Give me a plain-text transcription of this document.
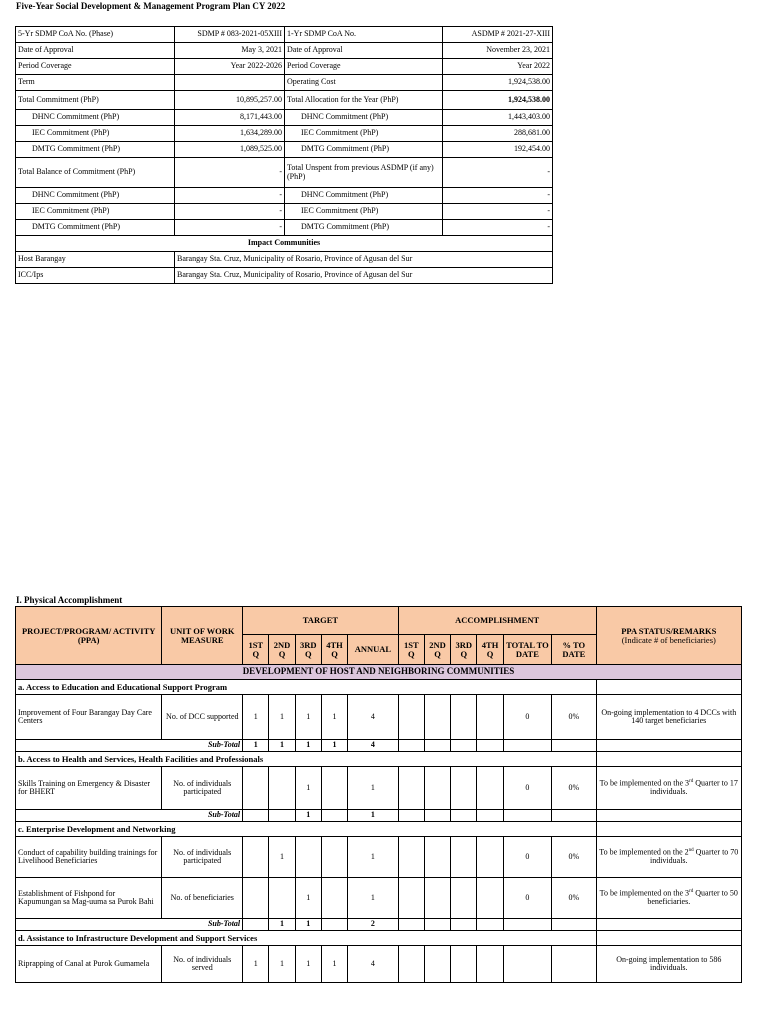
Five-Year Social Development & Management Program Plan CY 2022
5-Yr SDMP CoA No. (Phase)	SDMP # 083-2021-05XIII	1-Yr SDMP CoA No.	ASDMP # 2021-27-XIII
Date of Approval	May 3, 2021	Date of Approval	November 23, 2021
Period Coverage	Year 2022-2026	Period Coverage	Year 2022
Term		Operating Cost	1,924,538.00
Total Commitment (PhP)	10,895,257.00	Total Allocation for the Year (PhP)	1,924,538.00
DHNC Commitment (PhP)	8,171,443.00	DHNC Commitment (PhP)	1,443,403.00
IEC Commitment (PhP)	1,634,289.00	IEC Commitment (PhP)	288,681.00
DMTG Commitment (PhP)	1,089,525.00	DMTG Commitment (PhP)	192,454.00
Total Balance of Commitment (PhP)	-	Total Unspent from previous ASDMP (if any) (PhP)	-
DHNC Commitment (PhP)	-	DHNC Commitment (PhP)	-
IEC Commitment (PhP)	-	IEC Commitment (PhP)	-
DMTG Commitment (PhP)	-	DMTG Commitment (PhP)	-
Impact Communities			
Host Barangay	Barangay Sta. Cruz, Municipality of Rosario, Province of Agusan del Sur		
ICC/Ips	Barangay Sta. Cruz, Municipality of Rosario, Province of Agusan del Sur		
I. Physical Accomplishment
PROJECT/PROGRAM/ ACTIVITY (PPA)	UNIT OF WORK MEASURE	TARGET					ACCOMPLISHMENT						PPA STATUS/REMARKS
(Indicate # of beneficiaries)
		1ST Q	2ND Q	3RD Q	4TH Q	ANNUAL	1ST Q	2ND Q	3RD Q	4TH Q	TOTAL TO DATE	% TO DATE	
DEVELOPMENT OF HOST AND NEIGHBORING COMMUNITIES													
a. Access to Education and Educational Support Program													
Improvement of Four Barangay Day Care Centers	No. of DCC supported	1	1	1	1	4					0	0%	On-going implementation to 4 DCCs with 140 target beneficiaries
Sub-Total		1	1	1	1	4							
b. Access to Health and Services, Health Facilities and Professionals													
Skills Training on Emergency & Disaster for BHERT	No. of individuals participated			1		1					0	0%	To be implemented on the 3rd Quarter to 17 individuals.
Sub-Total				1		1							
c. Enterprise Development and Networking													
Conduct of capability building trainings for Livelihood Beneficiaries	No. of individuals participated		1			1					0	0%	To be implemented on the 2nd Quarter to 70 individuals.
Establishment of Fishpond for Kapumungan sa Mag-uuma sa Purok Bahi	No. of beneficiaries			1		1					0	0%	To be implemented on the 3rd Quarter to 50 beneficiaries.
Sub-Total			1	1		2							
d. Assistance to Infrastructure Development and Support Services													
Riprapping of Canal at Purok Gumamela	No. of individuals served	1	1	1	1	4							On-going implementation to 586 individuals.
